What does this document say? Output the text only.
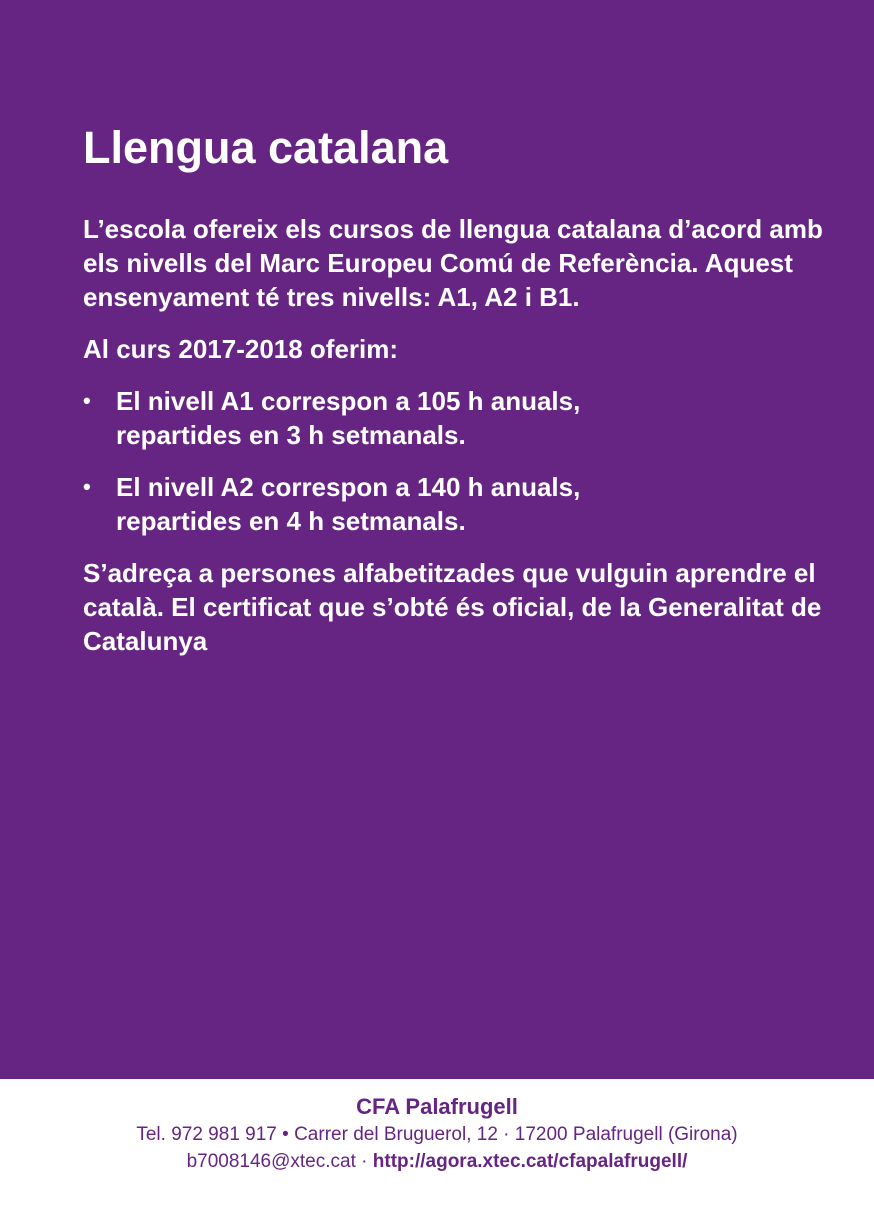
Llengua catalana

L’escola ofereix els cursos de llengua catalana d’acord amb els nivells del Marc Europeu Comú de Referència. Aquest ensenyament té tres nivells: A1, A2 i B1.

Al curs 2017-2018 oferim:

• El nivell A1 correspon a 105 h anuals,
repartides en 3 h setmanals.
• El nivell A2 correspon a 140 h anuals,
repartides en 4 h setmanals.

S’adreça a persones alfabetitzades que vulguin aprendre el català. El certificat que s’obté és oficial, de la Generalitat de Catalunya

CFA Palafrugell
Tel. 972 981 917 • Carrer del Bruguerol, 12 · 17200 Palafrugell (Girona)
b7008146@xtec.cat · http://agora.xtec.cat/cfapalafrugell/
